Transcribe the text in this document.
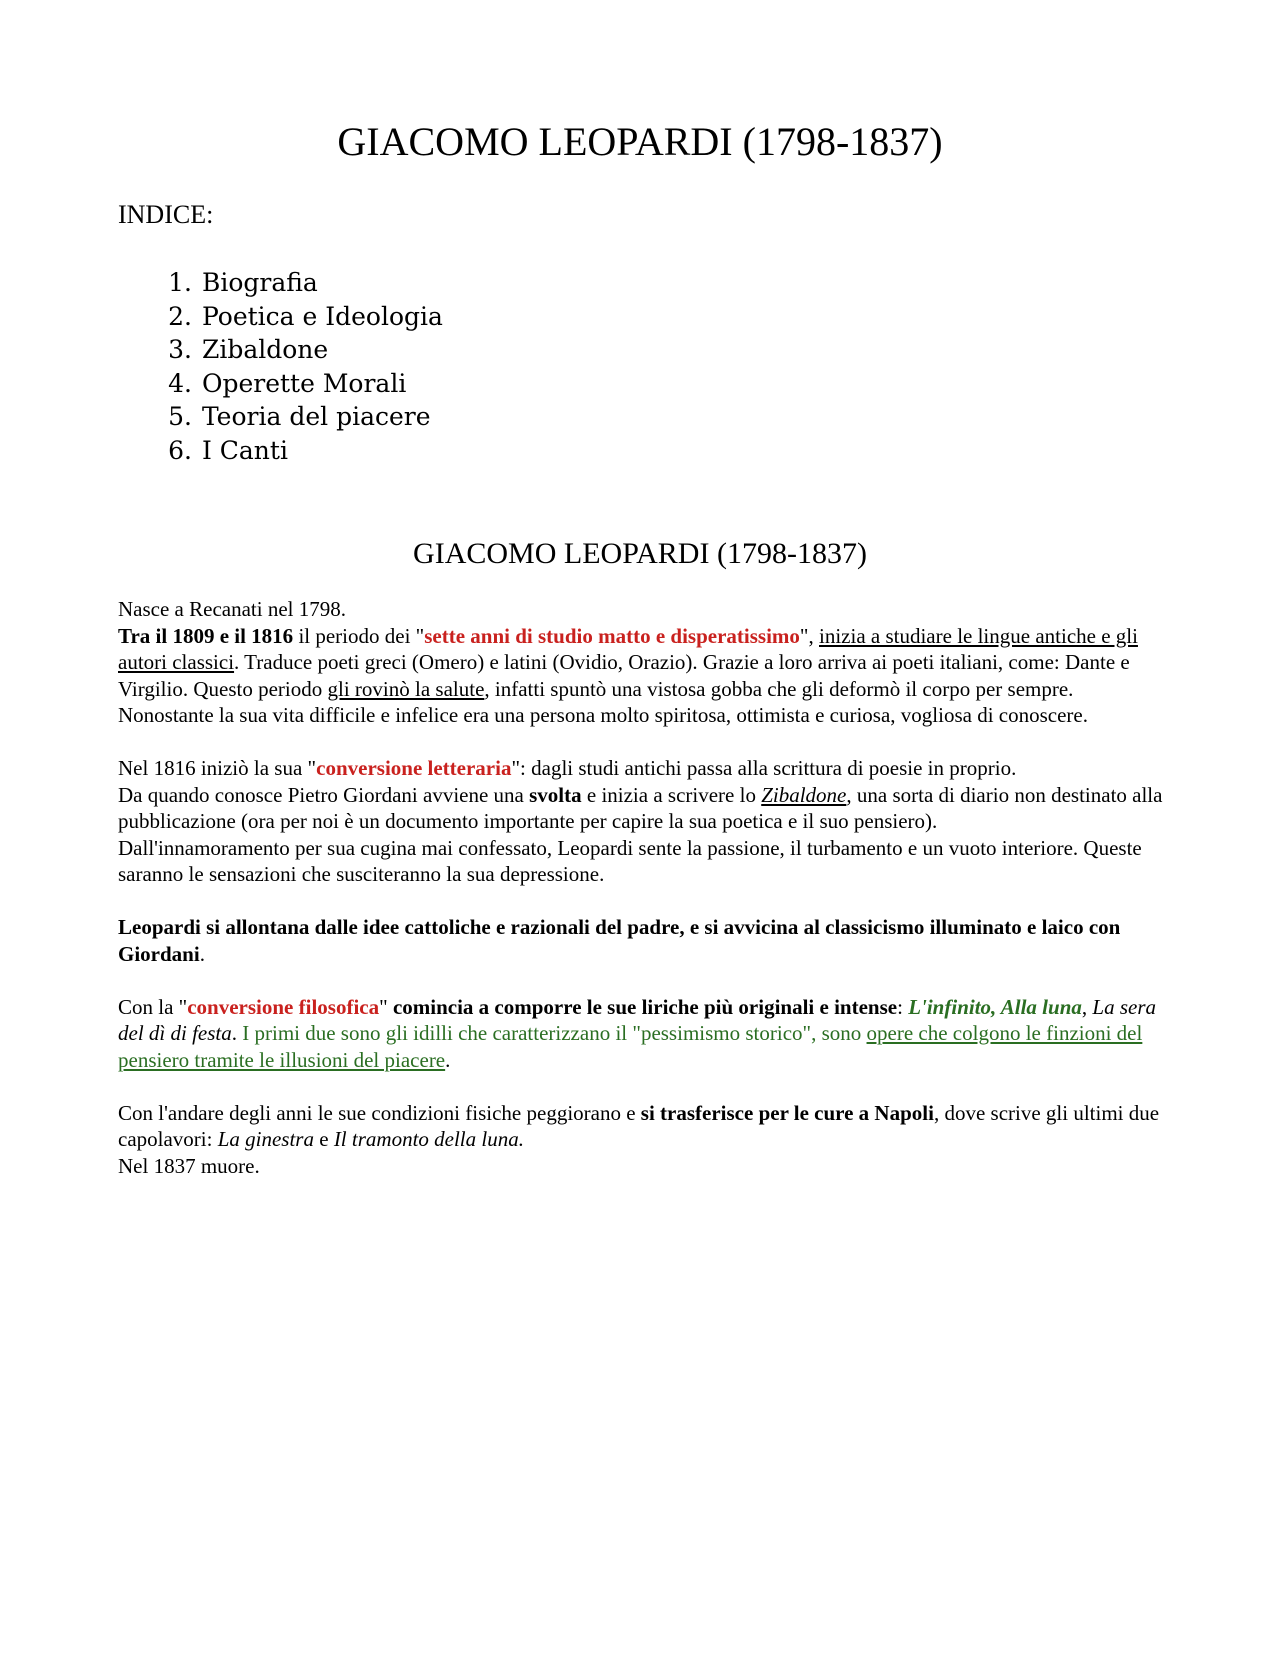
GIACOMO LEOPARDI (1798-1837)

INDICE:

1. Biografia
2. Poetica e Ideologia
3. Zibaldone
4. Operette Morali
5. Teoria del piacere
6. I Canti
GIACOMO LEOPARDI (1798-1837)

Nasce a Recanati nel 1798.

Tra il 1809 e il 1816 il periodo dei "sette anni di studio matto e disperatissimo", inizia a studiare le lingue antiche e gli autori classici. Traduce poeti greci (Omero) e latini (Ovidio, Orazio). Grazie a loro arriva ai poeti italiani, come: Dante e Virgilio. Questo periodo gli rovinò la salute, infatti spuntò una vistosa gobba che gli deformò il corpo per sempre.

Nonostante la sua vita difficile e infelice era una persona molto spiritosa, ottimista e curiosa, vogliosa di conoscere.

Nel 1816 iniziò la sua "conversione letteraria": dagli studi antichi passa alla scrittura di poesie in proprio.

Da quando conosce Pietro Giordani avviene una svolta e inizia a scrivere lo Zibaldone, una sorta di diario non destinato alla pubblicazione (ora per noi è un documento importante per capire la sua poetica e il suo pensiero).

Dall'innamoramento per sua cugina mai confessato, Leopardi sente la passione, il turbamento e un vuoto interiore. Queste saranno le sensazioni che susciteranno la sua depressione.

Leopardi si allontana dalle idee cattoliche e razionali del padre, e si avvicina al classicismo illuminato e laico con Giordani.

Con la "conversione filosofica" comincia a comporre le sue liriche più originali e intense: L'infinito, Alla luna, La sera del dì di festa. I primi due sono gli idilli che caratterizzano il "pessimismo storico", sono opere che colgono le finzioni del pensiero tramite le illusioni del piacere.

Con l'andare degli anni le sue condizioni fisiche peggiorano e si trasferisce per le cure a Napoli, dove scrive gli ultimi due capolavori: La ginestra e Il tramonto della luna.

Nel 1837 muore.
